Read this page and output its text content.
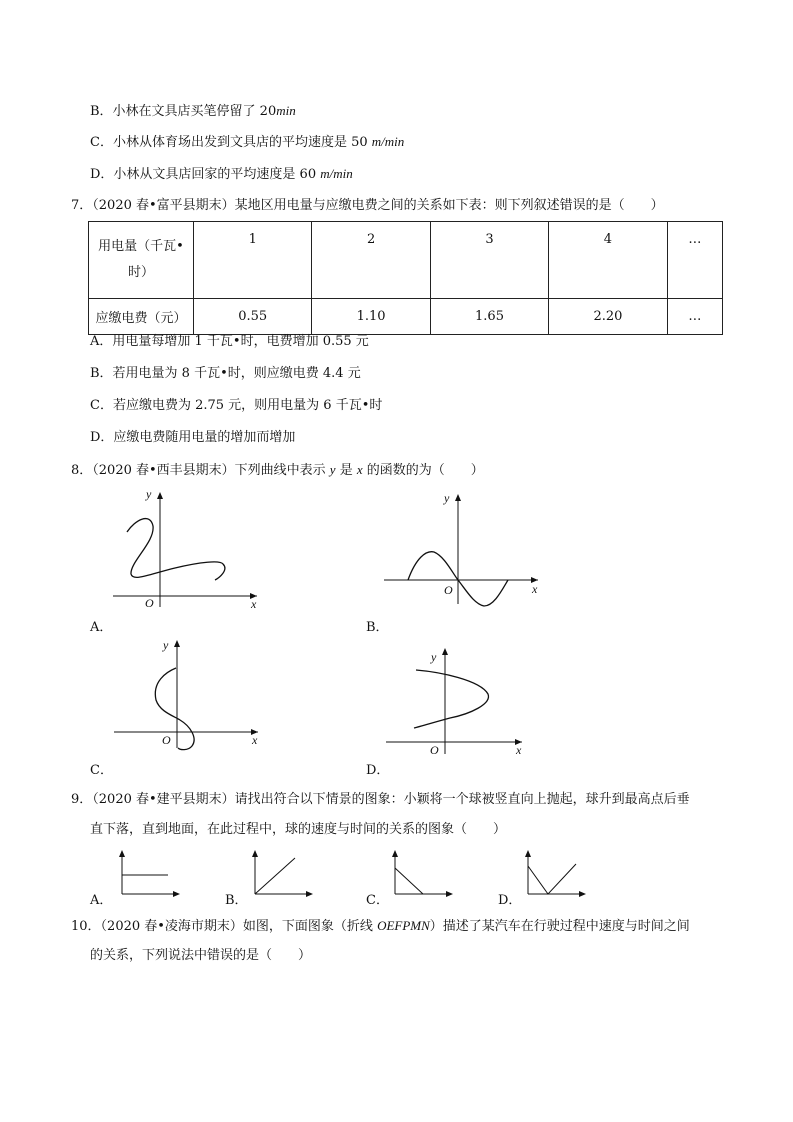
B．小林在文具店买笔停留了 20min
C．小林从体育场出发到文具店的平均速度是 50 m/min
D．小林从文具店回家的平均速度是 60 m/min
7．（2020 春•富平县期末）某地区用电量与应缴电费之间的关系如下表：则下列叙述错误的是（　　）
用电量（千瓦•
时）	1	2	3	4	…
应缴电费（元）	0.55	1.10	1.65	2.20	…
A．用电量每增加 1 千瓦•时，电费增加 0.55 元
B．若用电量为 8 千瓦•时，则应缴电费 4.4 元
C．若应缴电费为 2.75 元，则用电量为 6 千瓦•时
D．应缴电费随用电量的增加而增加
8．（2020 春•西丰县期末）下列曲线中表示 y 是 x 的函数的为（　　）
x
y
O
A．
x
y
O
B．
x
y
O
C．
x
y
O
D．
9．（2020 春•建平县期末）请找出符合以下情景的图象：小颖将一个球被竖直向上抛起，球升到最高点后垂
直下落，直到地面，在此过程中，球的速度与时间的关系的图象（　　）
A．	B．	C．	D．
10．（2020 春•凌海市期末）如图，下面图象（折线 OEFPMN）描述了某汽车在行驶过程中速度与时间之间
的关系，下列说法中错误的是（　　）
